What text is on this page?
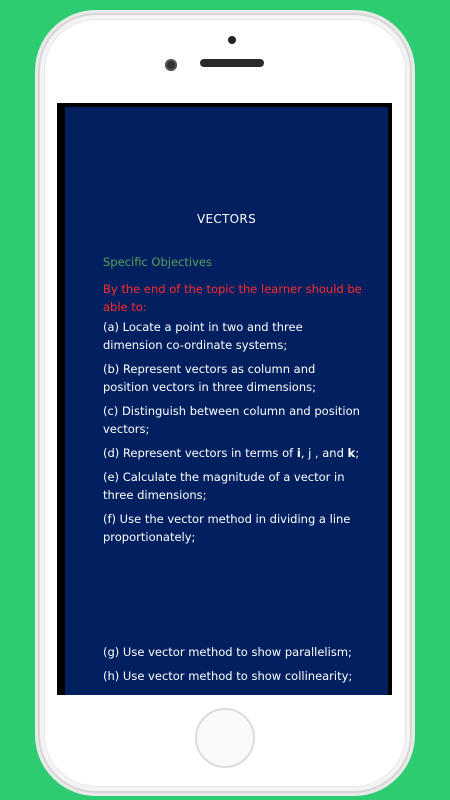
VECTORS
Specific Objectives
By the end of the topic the learner should be able to:
(a) Locate a point in two and three dimension co-ordinate systems;
(b) Represent vectors as column and position vectors in three dimensions;
(c) Distinguish between column and position vectors;
(d) Represent vectors in terms of i, j , and k;
(e) Calculate the magnitude of a vector in three dimensions;
(f) Use the vector method in dividing a line proportionately;
(g) Use vector method to show parallelism;
(h) Use vector method to show collinearity;
(i) State and use the ratio theorem;
